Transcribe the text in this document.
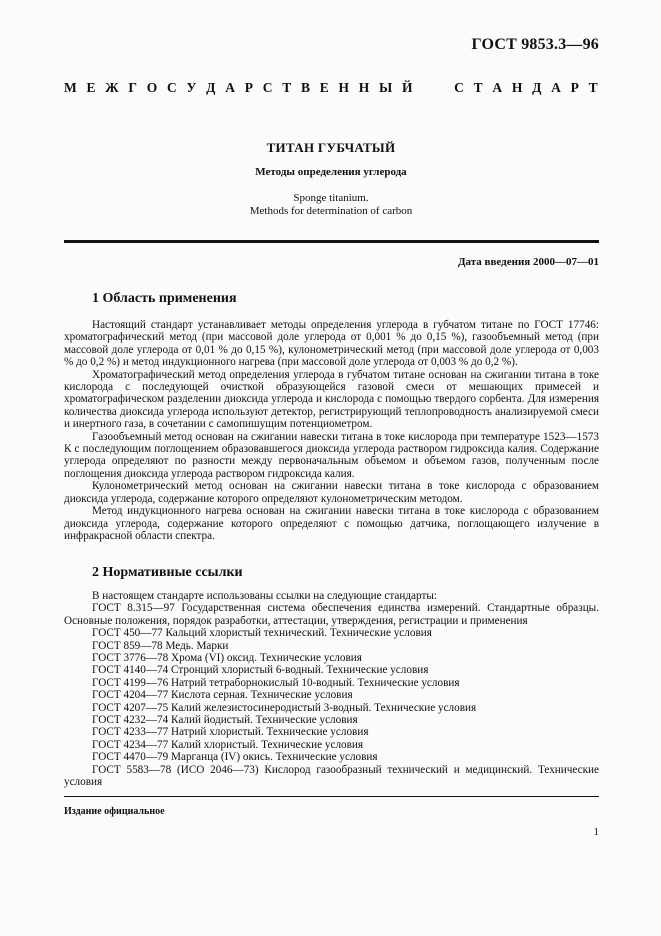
ГОСТ 9853.3—96
М Е Ж Г О С У Д А Р С Т В Е Н Н Ы Й	С Т А Н Д А Р Т
ТИТАН ГУБЧАТЫЙ
Методы определения углерода
Sponge titanium.
Methods for determination of carbon
Дата введения 2000—07—01
1 Область применения

Настоящий стандарт устанавливает методы определения углерода в губчатом титане по ГОСТ 17746: хроматографический метод (при массовой доле углерода от 0,001 % до 0,15 %), газообъемный метод (при массовой доле углерода от 0,01 % до 0,15 %), кулонометрический метод (при массовой доле углерода от 0,003 % до 0,2 %) и метод индукционного нагрева (при массовой доле углерода от 0,003 % до 0,2 %).

Хроматографический метод определения углерода в губчатом титане основан на сжигании титана в токе кислорода с последующей очисткой образующейся газовой смеси от мешающих примесей и хроматографическом разделении диоксида углерода и кислорода с помощью твердого сорбента. Для измерения количества диоксида углерода используют детектор, регистрирующий теплопроводность анализируемой смеси и инертного газа, в сочетании с самопишущим потенциометром.

Газообъемный метод основан на сжигании навески титана в токе кислорода при температуре 1523—1573 К с последующим поглощением образовавшегося диоксида углерода раствором гидроксида калия. Содержание углерода определяют по разности между первоначальным объемом и объемом газов, полученным после поглощения диоксида углерода раствором гидроксида калия.

Кулонометрический метод основан на сжигании навески титана в токе кислорода с образованием диоксида углерода, содержание которого определяют кулонометрическим методом.

Метод индукционного нагрева основан на сжигании навески титана в токе кислорода с образованием диоксида углерода, содержание которого определяют с помощью датчика, поглощающего излучение в инфракрасной области спектра.

2 Нормативные ссылки

В настоящем стандарте использованы ссылки на следующие стандарты:

ГОСТ 8.315—97 Государственная система обеспечения единства измерений. Стандартные образцы. Основные положения, порядок разработки, аттестации, утверждения, регистрации и применения

ГОСТ 450—77 Кальций хлористый технический. Технические условия

ГОСТ 859—78 Медь. Марки

ГОСТ 3776—78 Хрома (VI) оксид. Технические условия

ГОСТ 4140—74 Стронций хлористый 6-водный. Технические условия

ГОСТ 4199—76 Натрий тетраборнокислый 10-водный. Технические условия

ГОСТ 4204—77 Кислота серная. Технические условия

ГОСТ 4207—75 Калий железистосинеродистый 3-водный. Технические условия

ГОСТ 4232—74 Калий йодистый. Технические условия

ГОСТ 4233—77 Натрий хлористый. Технические условия

ГОСТ 4234—77 Калий хлористый. Технические условия

ГОСТ 4470—79 Марганца (IV) окись. Технические условия

ГОСТ 5583—78 (ИСО 2046—73) Кислород газообразный технический и медицинский. Технические условия

Издание официальное
1
